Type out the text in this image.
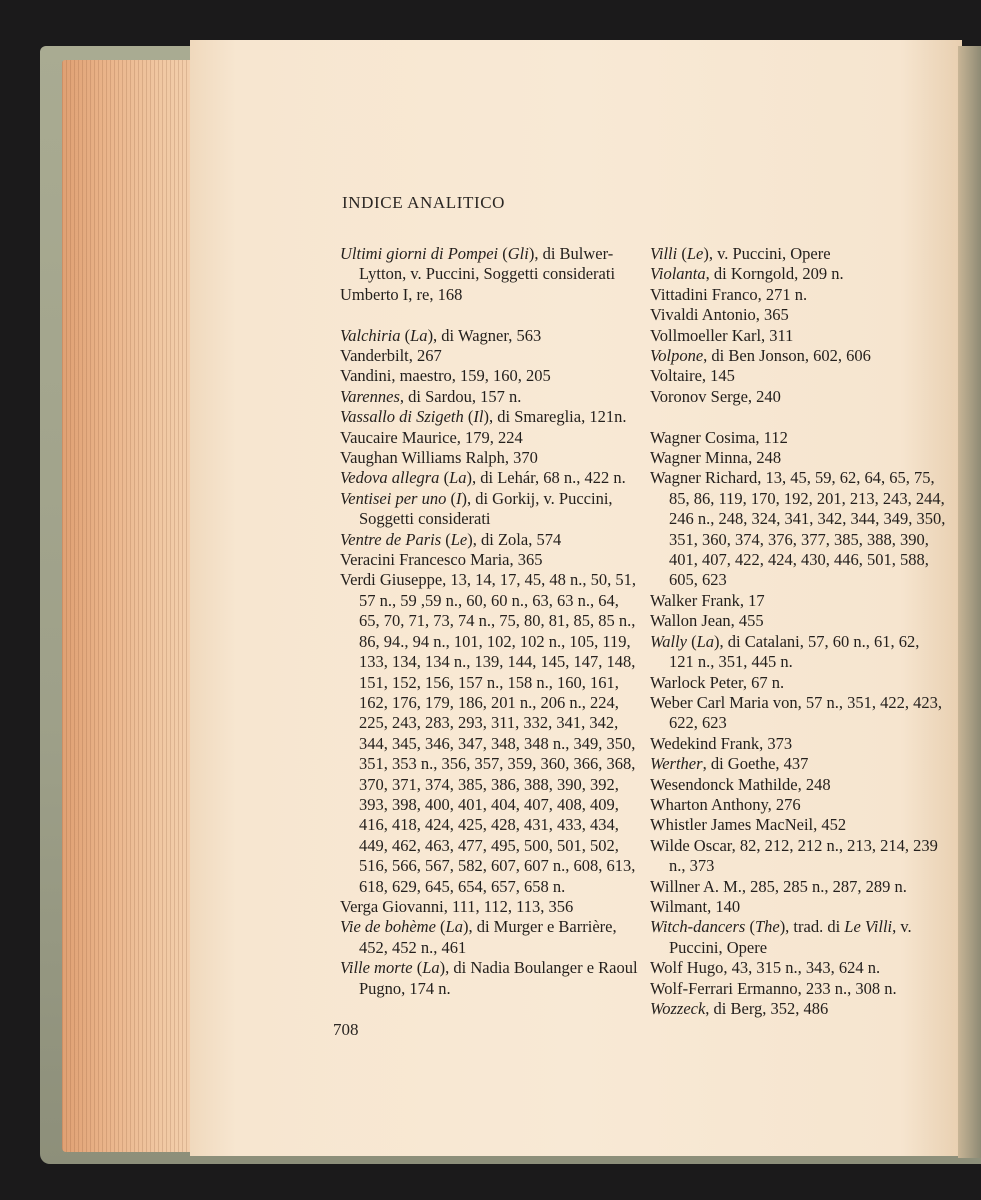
INDICE ANALITICO

Ultimi giorni di Pompei (Gli), di Bulwer-Lytton, v. Puccini, Soggetti considerati

Umberto I, re, 168

Valchiria (La), di Wagner, 563

Vanderbilt, 267

Vandini, maestro, 159, 160, 205

Varennes, di Sardou, 157 n.

Vassallo di Szigeth (Il), di Smareglia, 121n.

Vaucaire Maurice, 179, 224

Vaughan Williams Ralph, 370

Vedova allegra (La), di Lehár, 68 n., 422 n.

Ventisei per uno (I), di Gorkij, v. Puccini, Soggetti considerati

Ventre de Paris (Le), di Zola, 574

Veracini Francesco Maria, 365

Verdi Giuseppe, 13, 14, 17, 45, 48 n., 50, 51, 57 n., 59 ,59 n., 60, 60 n., 63, 63 n., 64, 65, 70, 71, 73, 74 n., 75, 80, 81, 85, 85 n., 86, 94., 94 n., 101, 102, 102 n., 105, 119, 133, 134, 134 n., 139, 144, 145, 147, 148, 151, 152, 156, 157 n., 158 n., 160, 161, 162, 176, 179, 186, 201 n., 206 n., 224, 225, 243, 283, 293, 311, 332, 341, 342, 344, 345, 346, 347, 348, 348 n., 349, 350, 351, 353 n., 356, 357, 359, 360, 366, 368, 370, 371, 374, 385, 386, 388, 390, 392, 393, 398, 400, 401, 404, 407, 408, 409, 416, 418, 424, 425, 428, 431, 433, 434, 449, 462, 463, 477, 495, 500, 501, 502, 516, 566, 567, 582, 607, 607 n., 608, 613, 618, 629, 645, 654, 657, 658 n.

Verga Giovanni, 111, 112, 113, 356

Vie de bohème (La), di Murger e Barrière, 452, 452 n., 461

Ville morte (La), di Nadia Boulanger e Raoul Pugno, 174 n.

Villi (Le), v. Puccini, Opere

Violanta, di Korngold, 209 n.

Vittadini Franco, 271 n.

Vivaldi Antonio, 365

Vollmoeller Karl, 311

Volpone, di Ben Jonson, 602, 606

Voltaire, 145

Voronov Serge, 240

Wagner Cosima, 112

Wagner Minna, 248

Wagner Richard, 13, 45, 59, 62, 64, 65, 75, 85, 86, 119, 170, 192, 201, 213, 243, 244, 246 n., 248, 324, 341, 342, 344, 349, 350, 351, 360, 374, 376, 377, 385, 388, 390, 401, 407, 422, 424, 430, 446, 501, 588, 605, 623

Walker Frank, 17

Wallon Jean, 455

Wally (La), di Catalani, 57, 60 n., 61, 62, 121 n., 351, 445 n.

Warlock Peter, 67 n.

Weber Carl Maria von, 57 n., 351, 422, 423, 622, 623

Wedekind Frank, 373

Werther, di Goethe, 437

Wesendonck Mathilde, 248

Wharton Anthony, 276

Whistler James MacNeil, 452

Wilde Oscar, 82, 212, 212 n., 213, 214, 239 n., 373

Willner A. M., 285, 285 n., 287, 289 n.

Wilmant, 140

Witch-dancers (The), trad. di Le Villi, v. Puccini, Opere

Wolf Hugo, 43, 315 n., 343, 624 n.

Wolf-Ferrari Ermanno, 233 n., 308 n.

Wozzeck, di Berg, 352, 486

708
